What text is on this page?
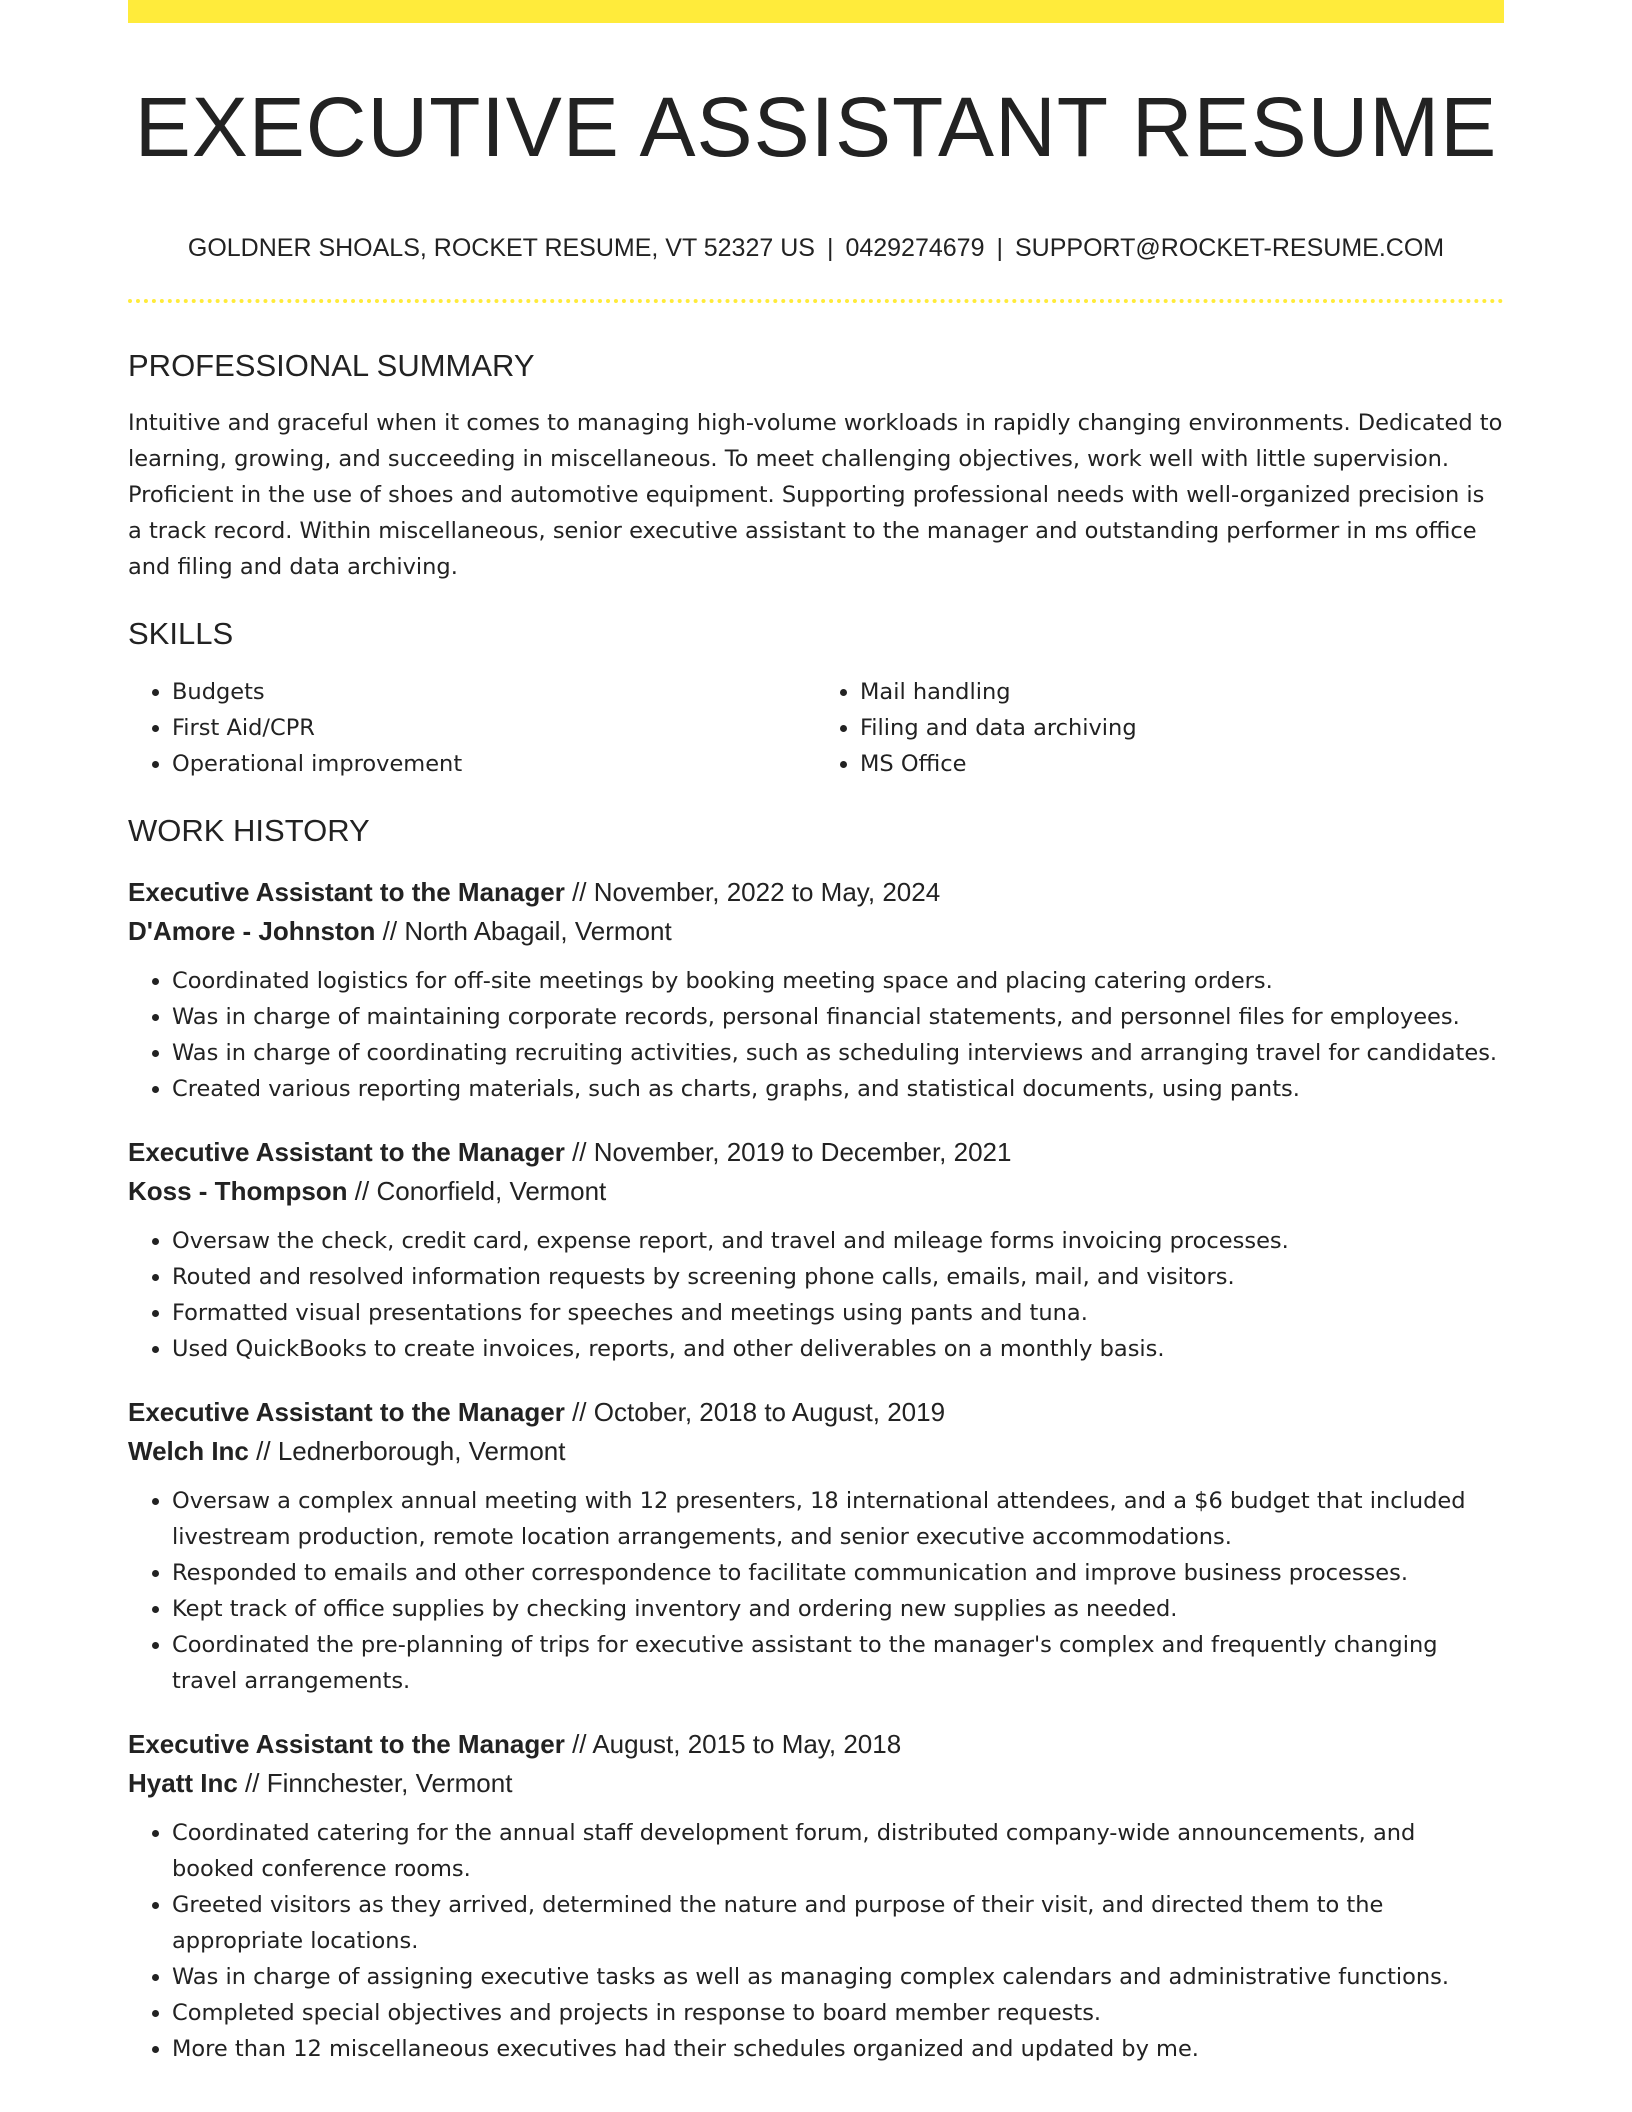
EXECUTIVE ASSISTANT RESUME
GOLDNER SHOALS, ROCKET RESUME, VT 52327 US | 0429274679 | SUPPORT@ROCKET-RESUME.COM
PROFESSIONAL SUMMARY

Intuitive and graceful when it comes to managing high-volume workloads in rapidly changing environments. Dedicated to learning, growing, and succeeding in miscellaneous. To meet challenging objectives, work well with little supervision. Proficient in the use of shoes and automotive equipment. Supporting professional needs with well-organized precision is a track record. Within miscellaneous, senior executive assistant to the manager and outstanding performer in ms office and filing and data archiving.

SKILLS
• Budgets
• First Aid/CPR
• Operational improvement
• Mail handling
• Filing and data archiving
• MS Office
WORK HISTORY
Executive Assistant to the Manager // November, 2022 to May, 2024
D'Amore - Johnston // North Abagail, Vermont
• Coordinated logistics for off-site meetings by booking meeting space and placing catering orders.
• Was in charge of maintaining corporate records, personal financial statements, and personnel files for employees.
• Was in charge of coordinating recruiting activities, such as scheduling interviews and arranging travel for candidates.
• Created various reporting materials, such as charts, graphs, and statistical documents, using pants.
Executive Assistant to the Manager // November, 2019 to December, 2021
Koss - Thompson // Conorfield, Vermont
• Oversaw the check, credit card, expense report, and travel and mileage forms invoicing processes.
• Routed and resolved information requests by screening phone calls, emails, mail, and visitors.
• Formatted visual presentations for speeches and meetings using pants and tuna.
• Used QuickBooks to create invoices, reports, and other deliverables on a monthly basis.
Executive Assistant to the Manager // October, 2018 to August, 2019
Welch Inc // Lednerborough, Vermont
• Oversaw a complex annual meeting with 12 presenters, 18 international attendees, and a $6 budget that included livestream production, remote location arrangements, and senior executive accommodations.
• Responded to emails and other correspondence to facilitate communication and improve business processes.
• Kept track of office supplies by checking inventory and ordering new supplies as needed.
• Coordinated the pre-planning of trips for executive assistant to the manager's complex and frequently changing travel arrangements.
Executive Assistant to the Manager // August, 2015 to May, 2018
Hyatt Inc // Finnchester, Vermont
• Coordinated catering for the annual staff development forum, distributed company-wide announcements, and booked conference rooms.
• Greeted visitors as they arrived, determined the nature and purpose of their visit, and directed them to the appropriate locations.
• Was in charge of assigning executive tasks as well as managing complex calendars and administrative functions.
• Completed special objectives and projects in response to board member requests.
• More than 12 miscellaneous executives had their schedules organized and updated by me.
